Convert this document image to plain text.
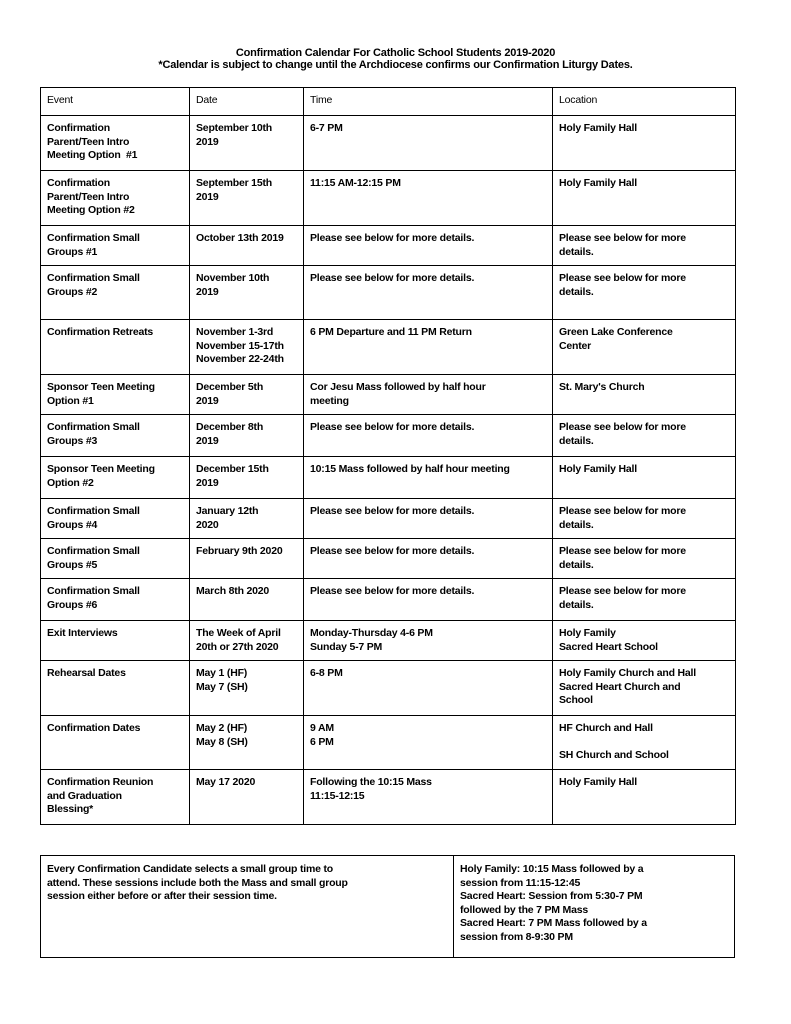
Confirmation Calendar For Catholic School Students 2019-2020
*Calendar is subject to change until the Archdiocese confirms our Confirmation Liturgy Dates.
Event	Date	Time	Location

Confirmation
Parent/Teen Intro
Meeting Option  #1	September 10th
2019	6-7 PM	Holy Family Hall

Confirmation
Parent/Teen Intro
Meeting Option #2	September 15th
2019	11:15 AM-12:15 PM	Holy Family Hall

Confirmation Small
Groups #1	October 13th 2019	Please see below for more details.	Please see below for more
details.

Confirmation Small
Groups #2	November 10th
2019	Please see below for more details.	Please see below for more
details.

Confirmation Retreats	November 1-3rd
November 15-17th
November 22-24th	6 PM Departure and 11 PM Return	Green Lake Conference
Center

Sponsor Teen Meeting
Option #1	December 5th
2019	Cor Jesu Mass followed by half hour
meeting	St. Mary's Church

Confirmation Small
Groups #3	December 8th
2019	Please see below for more details.	Please see below for more
details.

Sponsor Teen Meeting
Option #2	December 15th
2019	10:15 Mass followed by half hour meeting	Holy Family Hall

Confirmation Small
Groups #4	January 12th
2020	Please see below for more details.	Please see below for more
details.

Confirmation Small
Groups #5	February 9th 2020	Please see below for more details.	Please see below for more
details.

Confirmation Small
Groups #6	March 8th 2020	Please see below for more details.	Please see below for more
details.

Exit Interviews	The Week of April
20th or 27th 2020	Monday-Thursday 4-6 PM
Sunday 5-7 PM	Holy Family
Sacred Heart School

Rehearsal Dates	May 1 (HF)
May 7 (SH)	6-8 PM	Holy Family Church and Hall
Sacred Heart Church and
School

Confirmation Dates	May 2 (HF)
May 8 (SH)	9 AM
6 PM	HF Church and Hall
SH Church and School

Confirmation Reunion
and Graduation
Blessing*	May 17 2020	Following the 10:15 Mass
11:15-12:15	Holy Family Hall
Every Confirmation Candidate selects a small group time to
attend. These sessions include both the Mass and small group
session either before or after their session time.
Holy Family: 10:15 Mass followed by a
session from 11:15-12:45
Sacred Heart: Session from 5:30-7 PM
followed by the 7 PM Mass
Sacred Heart: 7 PM Mass followed by a
session from 8-9:30 PM
